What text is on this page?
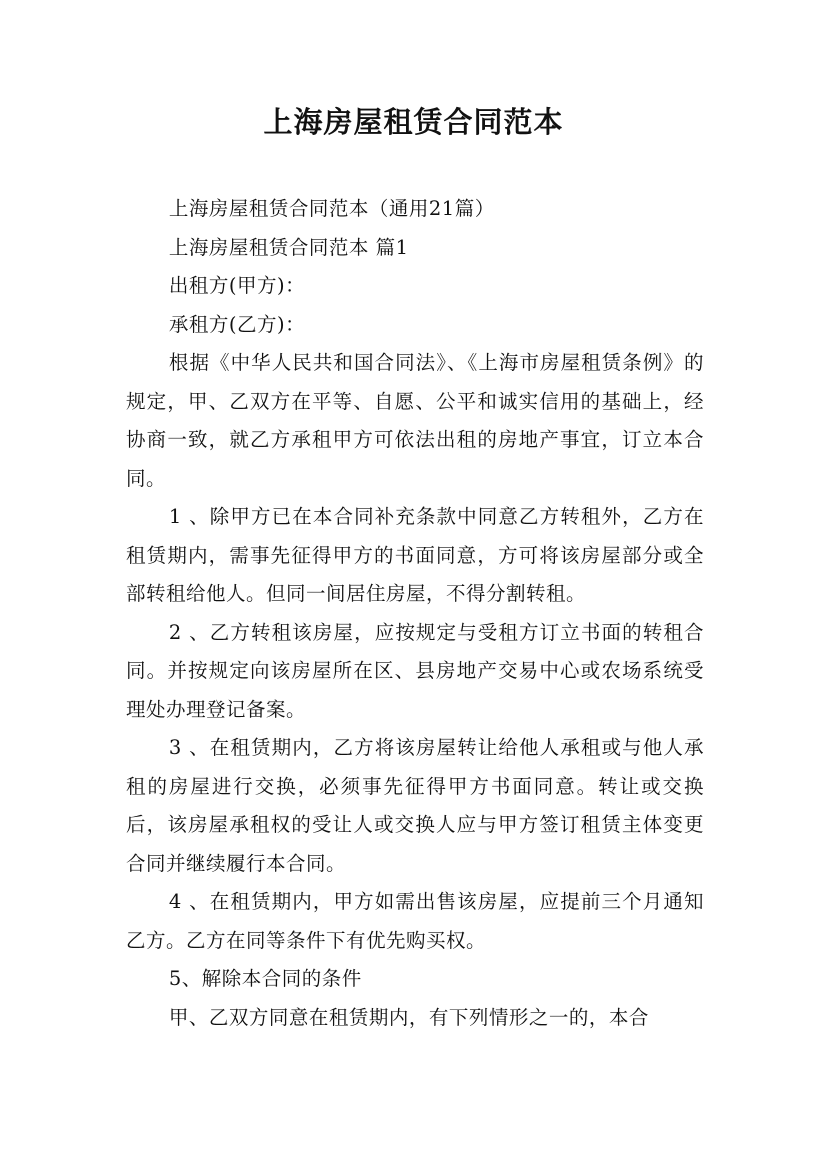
上海房屋租赁合同范本

上海房屋租赁合同范本（通用21篇）

上海房屋租赁合同范本 篇1

出租方(甲方)：

承租方(乙方)：

根据《中华人民共和国合同法》、《上海市房屋租赁条例》的规定，甲、乙双方在平等、自愿、公平和诚实信用的基础上，经协商一致，就乙方承租甲方可依法出租的房地产事宜，订立本合同。

1 、除甲方已在本合同补充条款中同意乙方转租外，乙方在租赁期内，需事先征得甲方的书面同意，方可将该房屋部分或全部转租给他人。但同一间居住房屋，不得分割转租。

2 、乙方转租该房屋，应按规定与受租方订立书面的转租合同。并按规定向该房屋所在区、县房地产交易中心或农场系统受理处办理登记备案。

3 、在租赁期内，乙方将该房屋转让给他人承租或与他人承租的房屋进行交换，必须事先征得甲方书面同意。转让或交换后，该房屋承租权的受让人或交换人应与甲方签订租赁主体变更合同并继续履行本合同。

4 、在租赁期内，甲方如需出售该房屋，应提前三个月通知乙方。乙方在同等条件下有优先购买权。

5、解除本合同的条件

甲、乙双方同意在租赁期内，有下列情形之一的，本合
